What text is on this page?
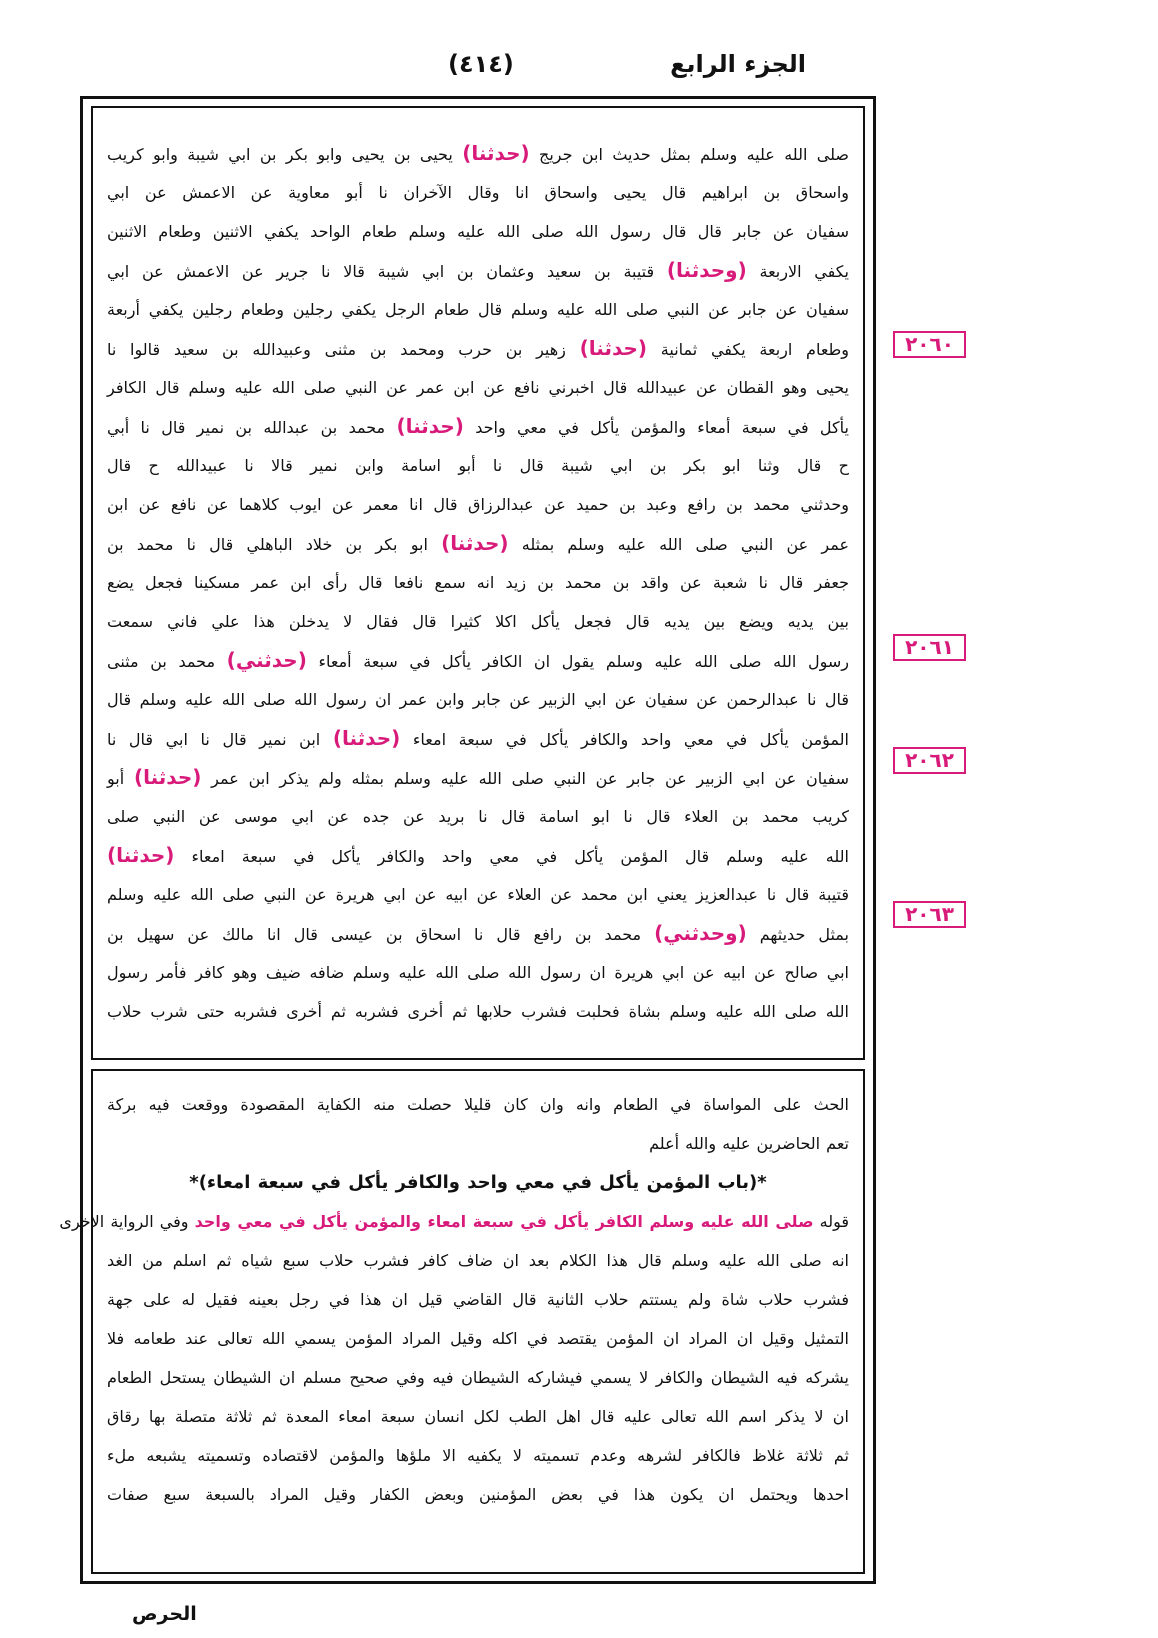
الجزء الرابع
(٤١٤)
صلى الله عليه وسلم بمثل حديث ابن جريج (حدثنا) يحيى بن يحيى وابو بكر بن ابي شيبة وابو كريب
واسحاق بن ابراهيم قال يحيى واسحاق انا وقال الآخران نا أبو معاوية عن الاعمش عن ابي
سفيان عن جابر قال قال رسول الله صلى الله عليه وسلم طعام الواحد يكفي الاثنين وطعام الاثنين
يكفي الاربعة (وحدثنا) قتيبة بن سعيد وعثمان بن ابي شيبة قالا نا جرير عن الاعمش عن ابي
سفيان عن جابر عن النبي صلى الله عليه وسلم قال طعام الرجل يكفي رجلين وطعام رجلين يكفي أربعة
وطعام اربعة يكفي ثمانية (حدثنا) زهير بن حرب ومحمد بن مثنى وعبيدالله بن سعيد قالوا نا
يحيى وهو القطان عن عبيدالله قال اخبرني نافع عن ابن عمر عن النبي صلى الله عليه وسلم قال الكافر
يأكل في سبعة أمعاء والمؤمن يأكل في معي واحد (حدثنا) محمد بن عبدالله بن نمير قال نا أبي
ح قال وثنا ابو بكر بن ابي شيبة قال نا أبو اسامة وابن نمير قالا نا عبيدالله ح قال
وحدثني محمد بن رافع وعبد بن حميد عن عبدالرزاق قال انا معمر عن ايوب كلاهما عن نافع عن ابن
عمر عن النبي صلى الله عليه وسلم بمثله (حدثنا) ابو بكر بن خلاد الباهلي قال نا محمد بن
جعفر قال نا شعبة عن واقد بن محمد بن زيد انه سمع نافعا قال رأى ابن عمر مسكينا فجعل يضع
بين يديه ويضع بين يديه قال فجعل يأكل اكلا كثيرا قال فقال لا يدخلن هذا علي فاني سمعت
رسول الله صلى الله عليه وسلم يقول ان الكافر يأكل في سبعة أمعاء (حدثني) محمد بن مثنى
قال نا عبدالرحمن عن سفيان عن ابي الزبير عن جابر وابن عمر ان رسول الله صلى الله عليه وسلم قال
المؤمن يأكل في معي واحد والكافر يأكل في سبعة امعاء (حدثنا) ابن نمير قال نا ابي قال نا
سفيان عن ابي الزبير عن جابر عن النبي صلى الله عليه وسلم بمثله ولم يذكر ابن عمر (حدثنا) أبو
كريب محمد بن العلاء قال نا ابو اسامة قال نا بريد عن جده عن ابي موسى عن النبي صلى
الله عليه وسلم قال المؤمن يأكل في معي واحد والكافر يأكل في سبعة امعاء (حدثنا)
قتيبة قال نا عبدالعزيز يعني ابن محمد عن العلاء عن ابيه عن ابي هريرة عن النبي صلى الله عليه وسلم
بمثل حديثهم (وحدثني) محمد بن رافع قال نا اسحاق بن عيسى قال انا مالك عن سهيل بن
ابي صالح عن ابيه عن ابي هريرة ان رسول الله صلى الله عليه وسلم ضافه ضيف وهو كافر فأمر رسول
الله صلى الله عليه وسلم بشاة فحلبت فشرب حلابها ثم أخرى فشربه ثم أخرى فشربه حتى شرب حلاب
الحث على المواساة في الطعام وانه وان كان قليلا حصلت منه الكفاية المقصودة ووقعت فيه بركة
تعم الحاضرين عليه والله أعلم
*(باب المؤمن يأكل في معي واحد والكافر يأكل في سبعة امعاء)*
قوله صلى الله عليه وسلم الكافر يأكل في سبعة امعاء والمؤمن يأكل في معي واحد وفي الرواية الاخرى
انه صلى الله عليه وسلم قال هذا الكلام بعد ان ضاف كافر فشرب حلاب سبع شياه ثم اسلم من الغد
فشرب حلاب شاة ولم يستتم حلاب الثانية قال القاضي قيل ان هذا في رجل بعينه فقيل له على جهة
التمثيل وقيل ان المراد ان المؤمن يقتصد في اكله وقيل المراد المؤمن يسمي الله تعالى عند طعامه فلا
يشركه فيه الشيطان والكافر لا يسمي فيشاركه الشيطان فيه وفي صحيح مسلم ان الشيطان يستحل الطعام
ان لا يذكر اسم الله تعالى عليه قال اهل الطب لكل انسان سبعة امعاء المعدة ثم ثلاثة متصلة بها رقاق
ثم ثلاثة غلاظ فالكافر لشرهه وعدم تسميته لا يكفيه الا ملؤها والمؤمن لاقتصاده وتسميته يشبعه ملء
احدها ويحتمل ان يكون هذا في بعض المؤمنين وبعض الكفار وقيل المراد بالسبعة سبع صفات
٢٠٦٠
٢٠٦١
٢٠٦٢
٢٠٦٣
الحرص
